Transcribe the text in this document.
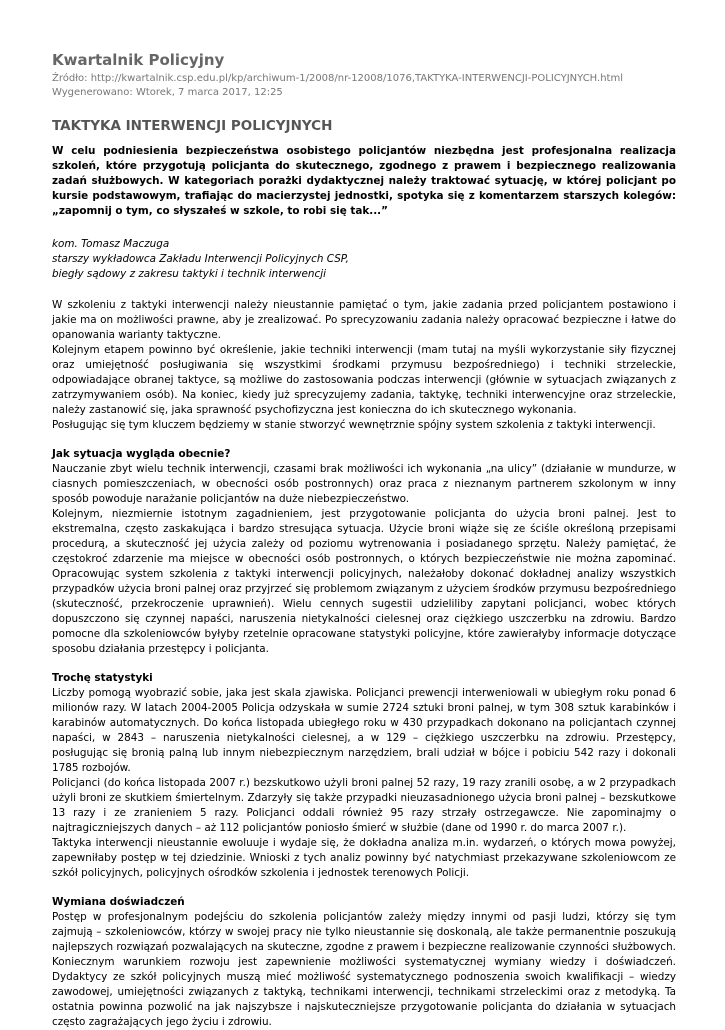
Kwartalnik Policyjny

Źródło: http://kwartalnik.csp.edu.pl/kp/archiwum-1/2008/nr-12008/1076,TAKTYKA-INTERWENCJI-POLICYJNYCH.html

Wygenerowano: Wtorek, 7 marca 2017, 12:25

TAKTYKA INTERWENCJI POLICYJNYCH

W celu podniesienia bezpieczeństwa osobistego policjantów niezbędna jest profesjonalna realizacja szkoleń, które przygotują policjanta do skutecznego, zgodnego z prawem i bezpiecznego realizowania zadań służbowych. W kategoriach porażki dydaktycznej należy traktować sytuację, w której policjant po kursie podstawowym, trafiając do macierzystej jednostki, spotyka się z komentarzem starszych kolegów: „zapomnij o tym, co słyszałeś w szkole, to robi się tak...”

kom. Tomasz Maczuga
starszy wykładowca Zakładu Interwencji Policyjnych CSP,
biegły sądowy z zakresu taktyki i technik interwencji

W szkoleniu z taktyki interwencji należy nieustannie pamiętać o tym, jakie zadania przed policjantem postawiono i jakie ma on możliwości prawne, aby je zrealizować. Po sprecyzowaniu zadania należy opracować bezpieczne i łatwe do opanowania warianty taktyczne.

Kolejnym etapem powinno być określenie, jakie techniki interwencji (mam tutaj na myśli wykorzystanie siły fizycznej oraz umiejętność posługiwania się wszystkimi środkami przymusu bezpośredniego) i techniki strzeleckie, odpowiadające obranej taktyce, są możliwe do zastosowania podczas interwencji (głównie w sytuacjach związanych z zatrzymywaniem osób). Na koniec, kiedy już sprecyzujemy zadania, taktykę, techniki interwencyjne oraz strzeleckie, należy zastanowić się, jaka sprawność psychofizyczna jest konieczna do ich skutecznego wykonania.

Posługując się tym kluczem będziemy w stanie stworzyć wewnętrznie spójny system szkolenia z taktyki interwencji.

Jak sytuacja wygląda obecnie?

Nauczanie zbyt wielu technik interwencji, czasami brak możliwości ich wykonania „na ulicy” (działanie w mundurze, w ciasnych pomieszczeniach, w obecności osób postronnych) oraz praca z nieznanym partnerem szkolonym w inny sposób powoduje narażanie policjantów na duże niebezpieczeństwo.

Kolejnym, niezmiernie istotnym zagadnieniem, jest przygotowanie policjanta do użycia broni palnej. Jest to ekstremalna, często zaskakująca i bardzo stresująca sytuacja. Użycie broni wiąże się ze ściśle określoną przepisami procedurą, a skuteczność jej użycia zależy od poziomu wytrenowania i posiadanego sprzętu. Należy pamiętać, że częstokroć zdarzenie ma miejsce w obecności osób postronnych, o których bezpieczeństwie nie można zapominać. Opracowując system szkolenia z taktyki interwencji policyjnych, należałoby dokonać dokładnej analizy wszystkich przypadków użycia broni palnej oraz przyjrzeć się problemom związanym z użyciem środków przymusu bezpośredniego (skuteczność, przekroczenie uprawnień). Wielu cennych sugestii udzieliliby zapytani policjanci, wobec których dopuszczono się czynnej napaści, naruszenia nietykalności cielesnej oraz ciężkiego uszczerbku na zdrowiu. Bardzo pomocne dla szkoleniowców byłyby rzetelnie opracowane statystyki policyjne, które zawierałyby informacje dotyczące sposobu działania przestępcy i policjanta.

Trochę statystyki

Liczby pomogą wyobrazić sobie, jaka jest skala zjawiska. Policjanci prewencji interweniowali w ubiegłym roku ponad 6 milionów razy. W latach 2004-2005 Policja odzyskała w sumie 2724 sztuki broni palnej, w tym 308 sztuk karabinków i karabinów automatycznych. Do końca listopada ubiegłego roku w 430 przypadkach dokonano na policjantach czynnej napaści, w 2843 – naruszenia nietykalności cielesnej, a w 129 – ciężkiego uszczerbku na zdrowiu. Przestępcy, posługując się bronią palną lub innym niebezpiecznym narzędziem, brali udział w bójce i pobiciu 542 razy i dokonali 1785 rozbojów.

Policjanci (do końca listopada 2007 r.) bezskutkowo użyli broni palnej 52 razy, 19 razy zranili osobę, a w 2 przypadkach użyli broni ze skutkiem śmiertelnym. Zdarzyły się także przypadki nieuzasadnionego użycia broni palnej – bezskutkowe 13 razy i ze zranieniem 5 razy. Policjanci oddali również 95 razy strzały ostrzegawcze. Nie zapominajmy o najtragiczniejszych danych – aż 112 policjantów poniosło śmierć w służbie (dane od 1990 r. do marca 2007 r.).

Taktyka interwencji nieustannie ewoluuje i wydaje się, że dokładna analiza m.in. wydarzeń, o których mowa powyżej, zapewniłaby postęp w tej dziedzinie. Wnioski z tych analiz powinny być natychmiast przekazywane szkoleniowcom ze szkół policyjnych, policyjnych ośrodków szkolenia i jednostek terenowych Policji.

Wymiana doświadczeń

Postęp w profesjonalnym podejściu do szkolenia policjantów zależy między innymi od pasji ludzi, którzy się tym zajmują – szkoleniowców, którzy w swojej pracy nie tylko nieustannie się doskonalą, ale także permanentnie poszukują najlepszych rozwiązań pozwalających na skuteczne, zgodne z prawem i bezpieczne realizowanie czynności służbowych. Koniecznym warunkiem rozwoju jest zapewnienie możliwości systematycznej wymiany wiedzy i doświadczeń. Dydaktycy ze szkół policyjnych muszą mieć możliwość systematycznego podnoszenia swoich kwalifikacji – wiedzy zawodowej, umiejętności związanych z taktyką, technikami interwencji, technikami strzeleckimi oraz z metodyką. Ta ostatnia powinna pozwolić na jak najszybsze i najskuteczniejsze przygotowanie policjanta do działania w sytuacjach często zagrażających jego życiu i zdrowiu.
